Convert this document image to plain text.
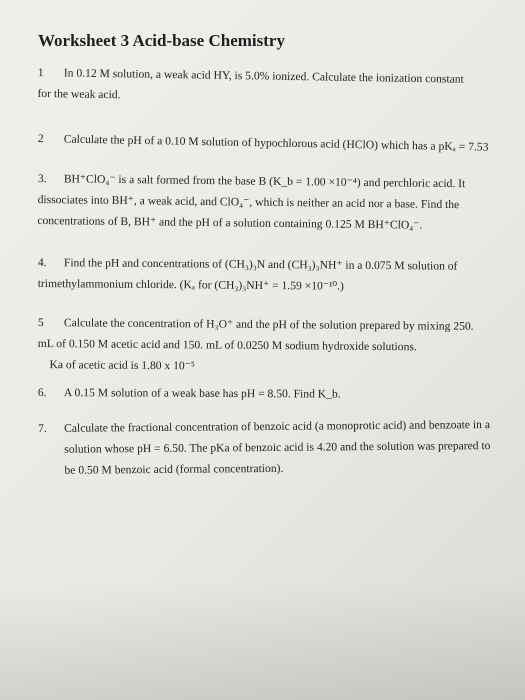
Worksheet 3 Acid-base Chemistry
1 In 0.12 M solution, a weak acid HY, is 5.0% ionized. Calculate the ionization constant
for the weak acid.
2 Calculate the pH of a 0.10 M solution of hypochlorous acid (HClO) which has a pKₐ = 7.53
3. BH⁺ClO₄⁻ is a salt formed from the base B (K_b = 1.00 ×10⁻⁴) and perchloric acid. It
dissociates into BH⁺, a weak acid, and ClO₄⁻, which is neither an acid nor a base. Find the
concentrations of B, BH⁺ and the pH of a solution containing 0.125 M BH⁺ClO₄⁻.
4. Find the pH and concentrations of (CH₃)₃N and (CH₃)₃NH⁺ in a 0.075 M solution of
trimethylammonium chloride. (Kₐ for (CH₃)₃NH⁺ = 1.59 ×10⁻¹⁰.)
5 Calculate the concentration of H₃O⁺ and the pH of the solution prepared by mixing 250.
mL of 0.150 M acetic acid and 150. mL of 0.0250 M sodium hydroxide solutions.
Ka of acetic acid is 1.80 x 10⁻⁵
6. A 0.15 M solution of a weak base has pH = 8.50. Find K_b.
7. Calculate the fractional concentration of benzoic acid (a monoprotic acid) and benzoate in a
solution whose pH = 6.50. The pKa of benzoic acid is 4.20 and the solution was prepared to
be 0.50 M benzoic acid (formal concentration).
